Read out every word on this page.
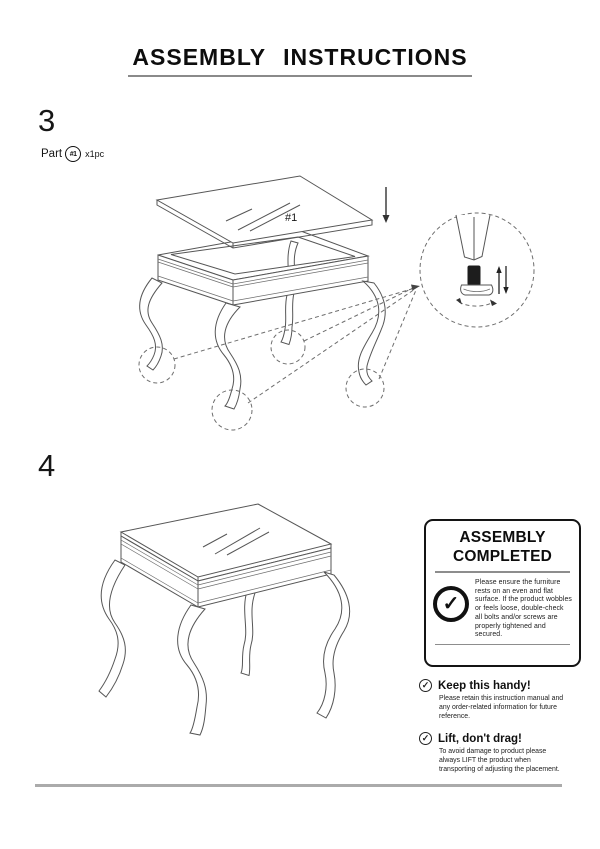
ASSEMBLY INSTRUCTIONS
3
Part	#1 x1pc
#1
4
ASSEMBLY
COMPLETED
✓
Please ensure the furniture rests on an even and flat surface. If the product wobbles or feels loose, double-check all bolts and/or screws are properly tightened and secured.
✓ Keep this handy!
Please retain this instruction manual and any order-related information for future reference.
✓ Lift, don't drag!
To avoid damage to product please always LIFT the product when transporting of adjusting the placement.
